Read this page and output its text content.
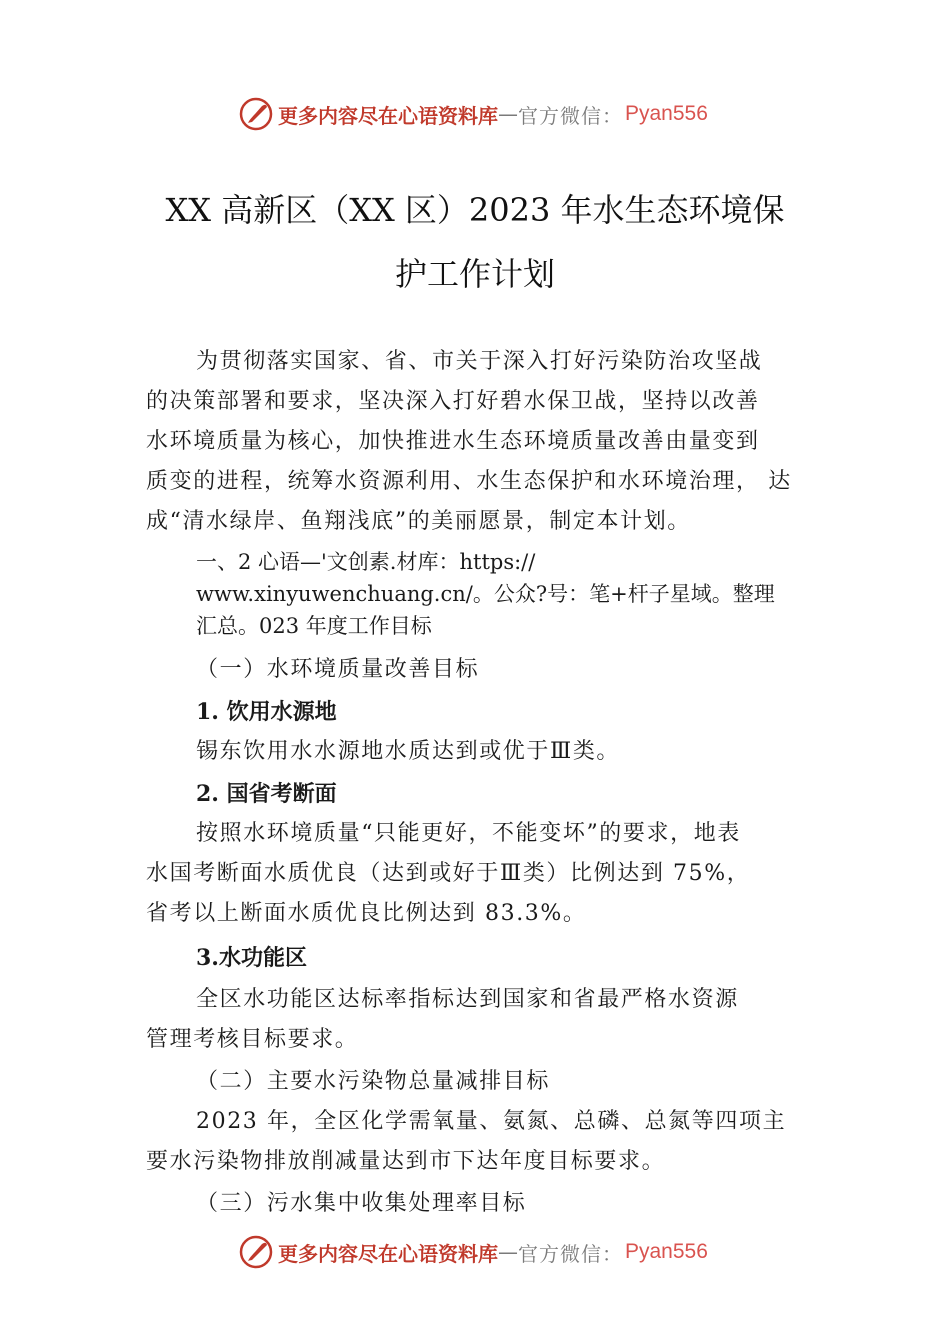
更多内容尽在心语资料库 — 官方微信： Pyan556
XX 高新区（XX 区）2023 年水生态环境保
护工作计划
为贯彻落实国家、省、市关于深入打好污染防治攻坚战
的决策部署和要求，坚决深入打好碧水保卫战，坚持以改善
水环境质量为核心，加快推进水生态环境质量改善由量变到
质变的进程，统筹水资源利用、水生态保护和水环境治理， 达
成“清水绿岸、鱼翔浅底”的美丽愿景，制定本计划。
一、2 心语—'文创素.材库：https://
www.xinyuwenchuang.cn/。公众?号：笔+杆子星域。整理
汇总。023 年度工作目标
（一）水环境质量改善目标
1. 饮用水源地
锡东饮用水水源地水质达到或优于Ⅲ类。
2. 国省考断面
按照水环境质量“只能更好，不能变坏”的要求，地表
水国考断面水质优良（达到或好于Ⅲ类）比例达到 75%，
省考以上断面水质优良比例达到 83.3%。
3.水功能区
全区水功能区达标率指标达到国家和省最严格水资源
管理考核目标要求。
（二）主要水污染物总量减排目标
2023 年，全区化学需氧量、氨氮、总磷、总氮等四项主
要水污染物排放削减量达到市下达年度目标要求。
（三）污水集中收集处理率目标
更多内容尽在心语资料库 — 官方微信： Pyan556
